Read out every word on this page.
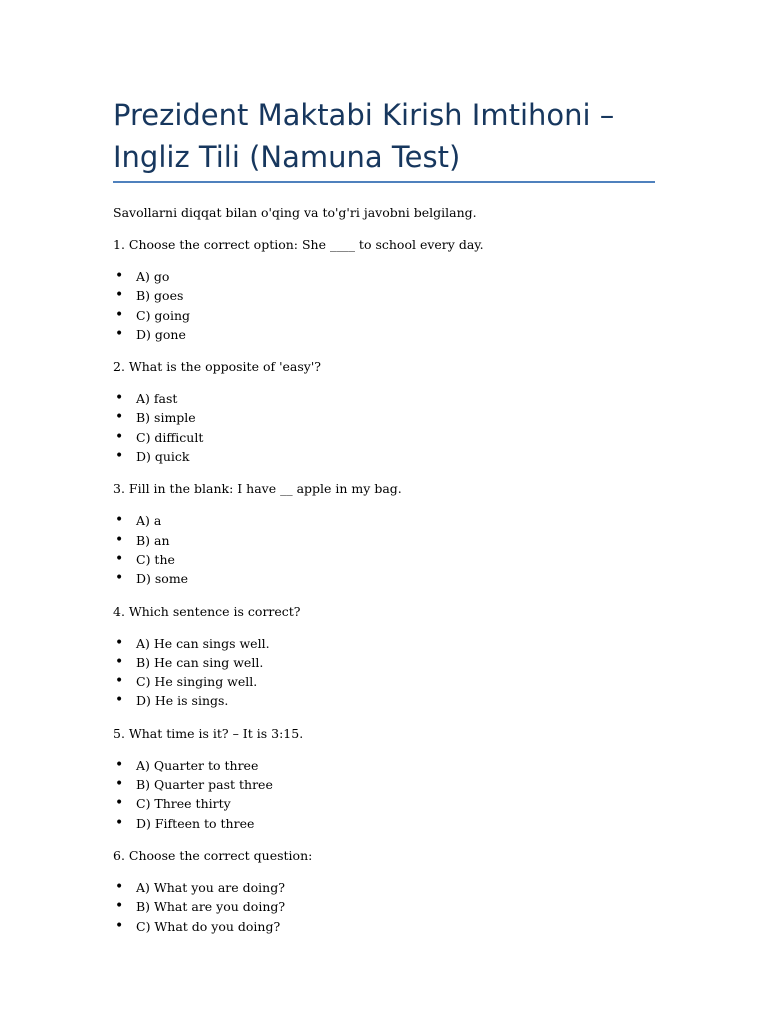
Prezident Maktabi Kirish Imtihoni –
Ingliz Tili (Namuna Test)

Savollarni diqqat bilan o'qing va to'g'ri javobni belgilang.

1. Choose the correct option: She ____ to school every day.

• A) go
• B) goes
• C) going
• D) gone

2. What is the opposite of 'easy'?

• A) fast
• B) simple
• C) difficult
• D) quick

3. Fill in the blank: I have __ apple in my bag.

• A) a
• B) an
• C) the
• D) some

4. Which sentence is correct?

• A) He can sings well.
• B) He can sing well.
• C) He singing well.
• D) He is sings.

5. What time is it? – It is 3:15.

• A) Quarter to three
• B) Quarter past three
• C) Three thirty
• D) Fifteen to three

6. Choose the correct question:

• A) What you are doing?
• B) What are you doing?
• C) What do you doing?
